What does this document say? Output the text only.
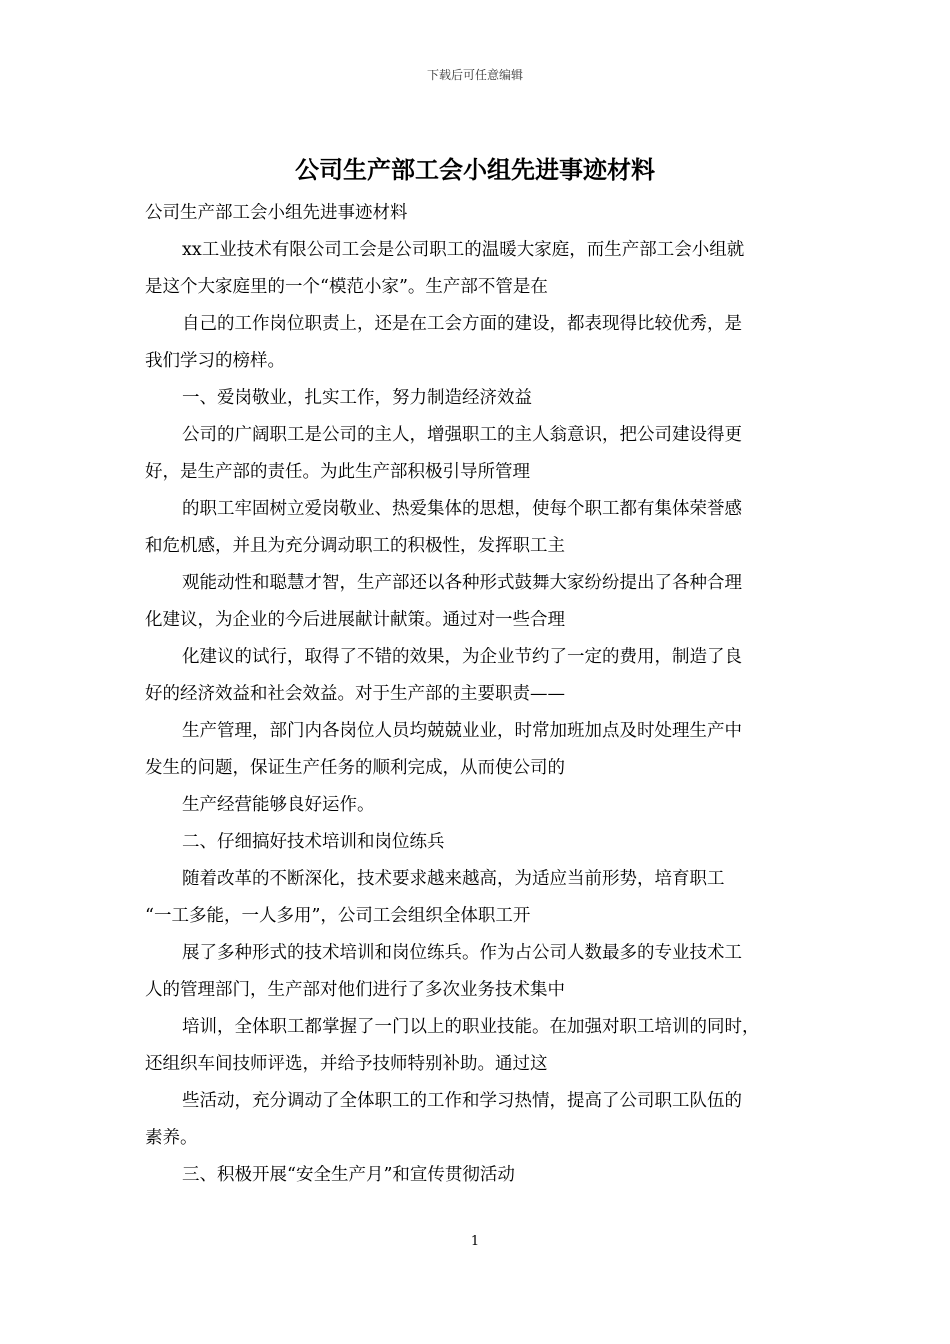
下载后可任意编辑
公司生产部工会小组先进事迹材料

公司生产部工会小组先进事迹材料

xx工业技术有限公司工会是公司职工的温暖大家庭，而生产部工会小组就

是这个大家庭里的一个“模范小家”。生产部不管是在

自己的工作岗位职责上，还是在工会方面的建设，都表现得比较优秀，是

我们学习的榜样。

一、爱岗敬业，扎实工作，努力制造经济效益

公司的广阔职工是公司的主人，增强职工的主人翁意识，把公司建设得更

好，是生产部的责任。为此生产部积极引导所管理

的职工牢固树立爱岗敬业、热爱集体的思想，使每个职工都有集体荣誉感

和危机感，并且为充分调动职工的积极性，发挥职工主

观能动性和聪慧才智，生产部还以各种形式鼓舞大家纷纷提出了各种合理

化建议，为企业的今后进展献计献策。通过对一些合理

化建议的试行，取得了不错的效果，为企业节约了一定的费用，制造了良

好的经济效益和社会效益。对于生产部的主要职责——

生产管理，部门内各岗位人员均兢兢业业，时常加班加点及时处理生产中

发生的问题，保证生产任务的顺利完成，从而使公司的

生产经营能够良好运作。

二、仔细搞好技术培训和岗位练兵

随着改革的不断深化，技术要求越来越高，为适应当前形势，培育职工

“一工多能，一人多用”，公司工会组织全体职工开

展了多种形式的技术培训和岗位练兵。作为占公司人数最多的专业技术工

人的管理部门，生产部对他们进行了多次业务技术集中

培训，全体职工都掌握了一门以上的职业技能。在加强对职工培训的同时，

还组织车间技师评选，并给予技师特别补助。通过这

些活动，充分调动了全体职工的工作和学习热情，提高了公司职工队伍的

素养。

三、积极开展“安全生产月”和宣传贯彻活动

1
